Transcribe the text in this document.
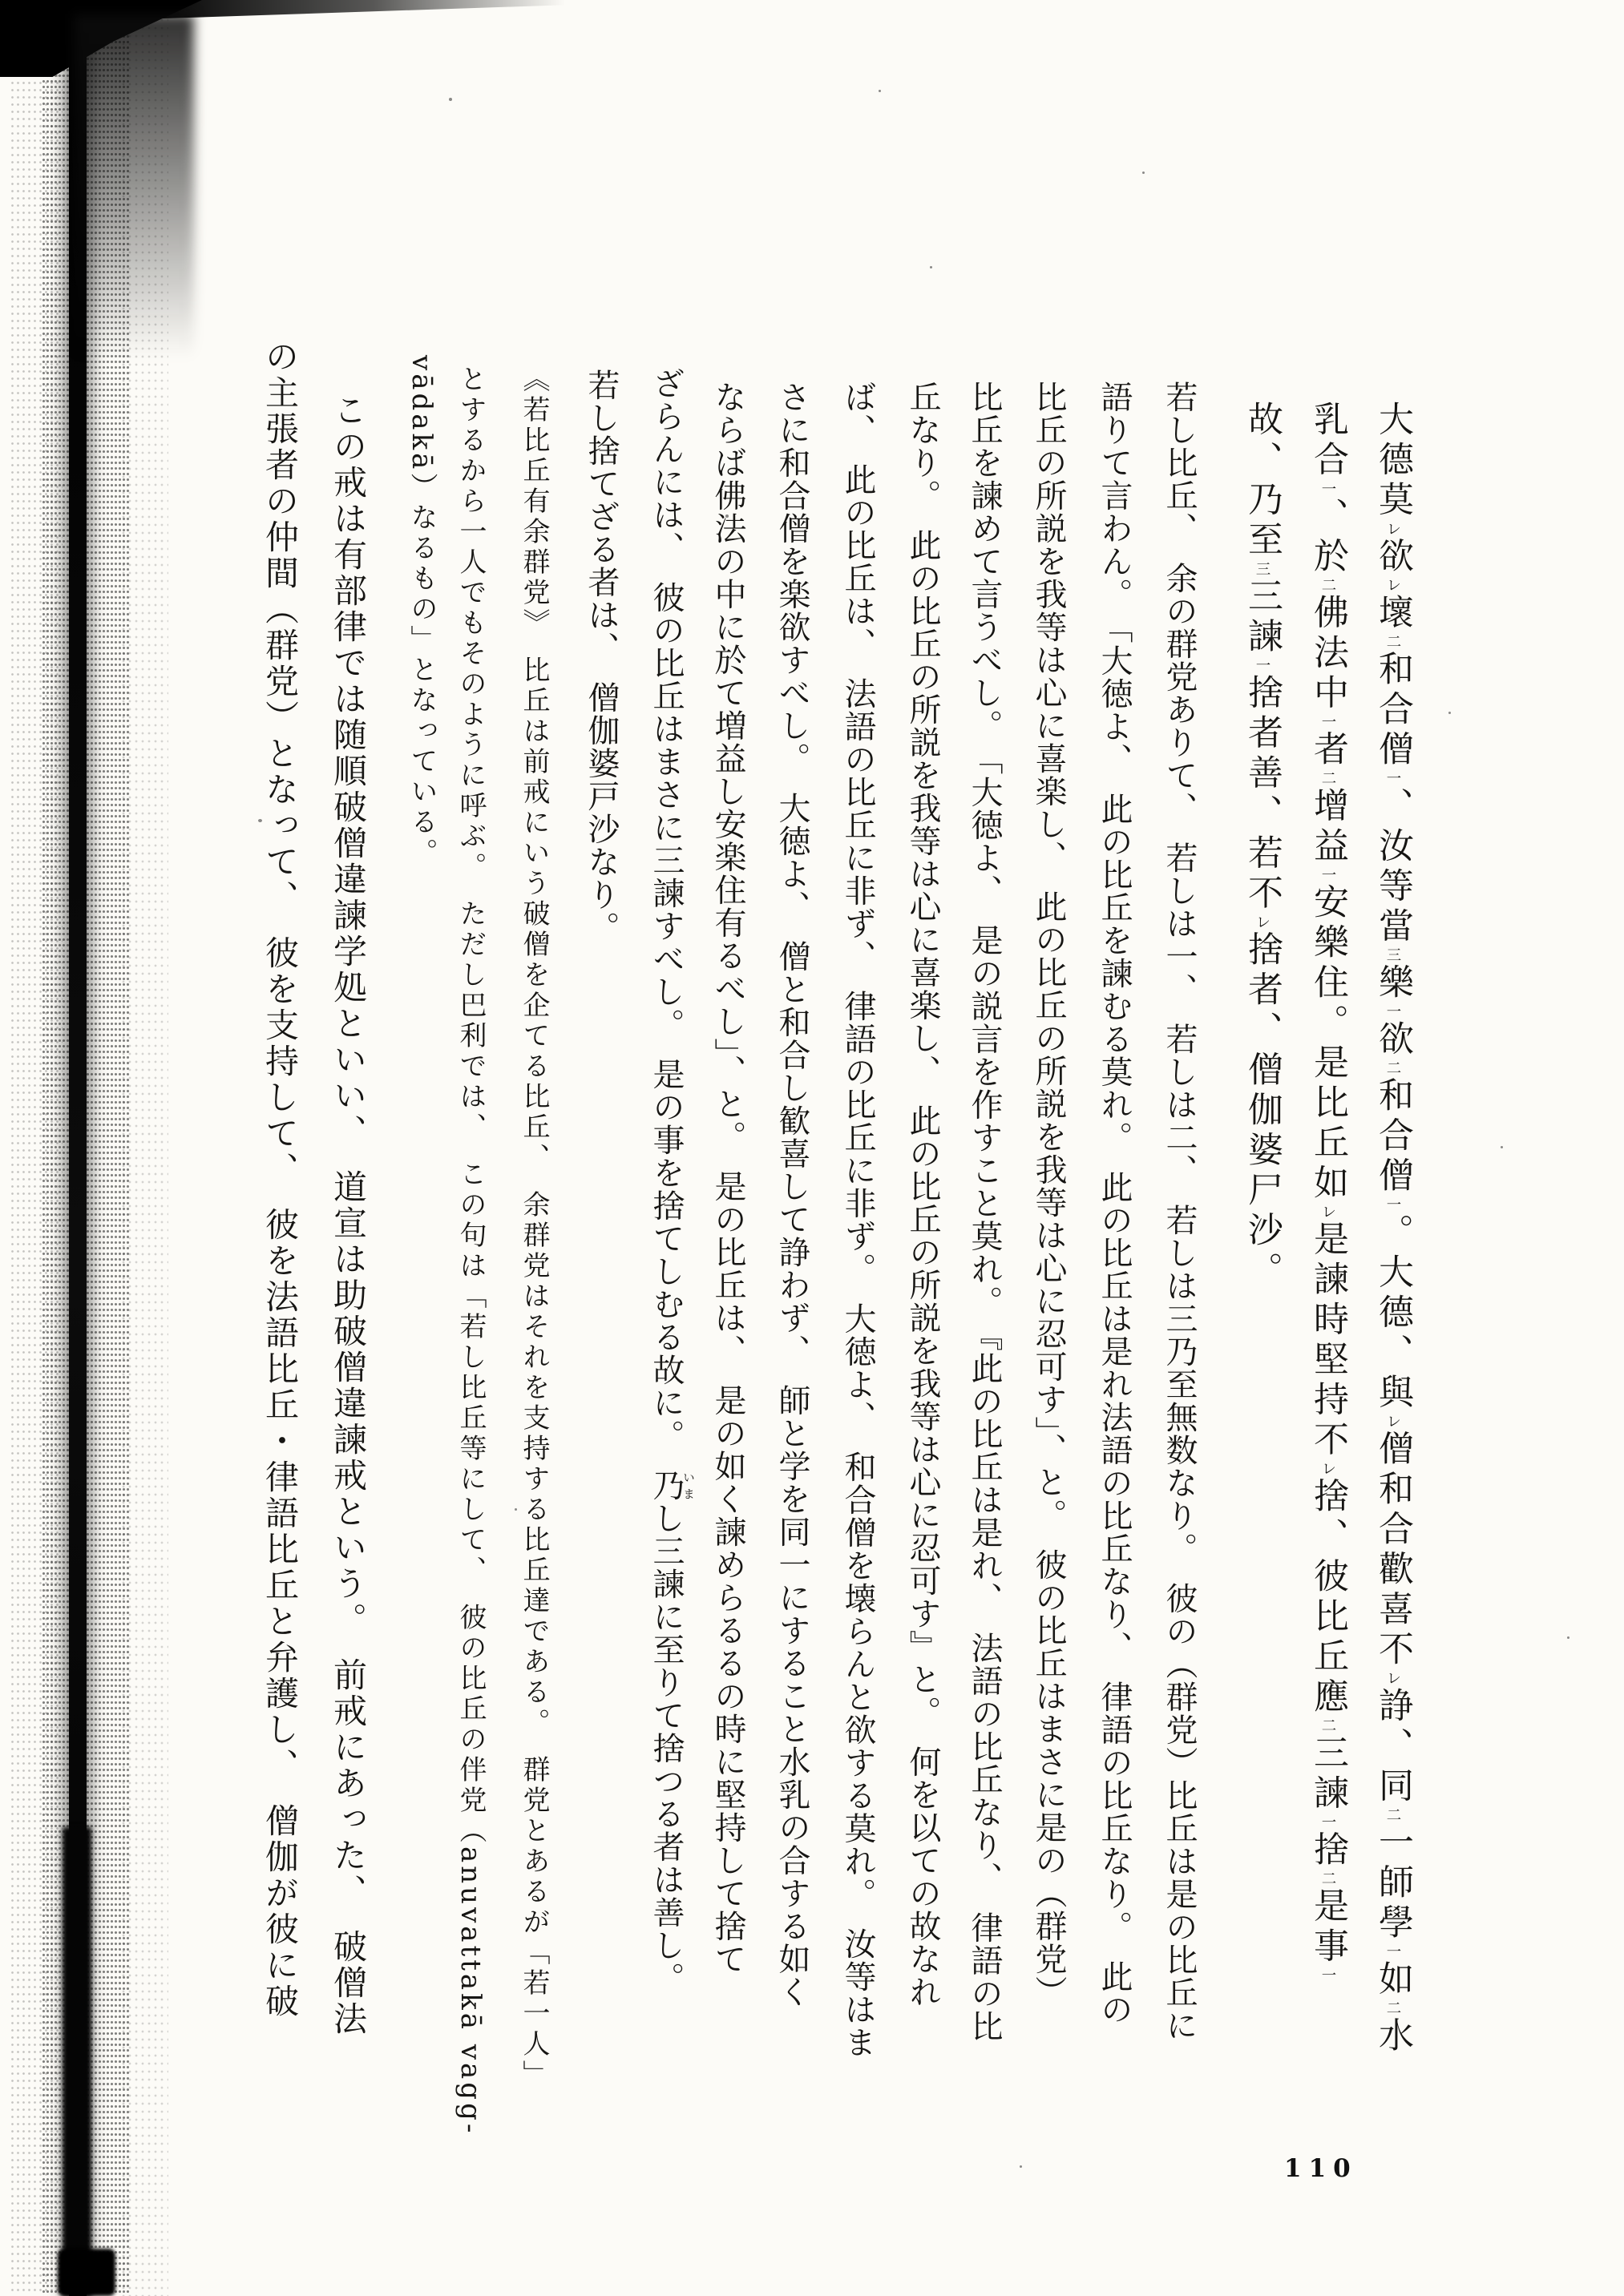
大德莫レ欲レ壞二和合僧一、汝等當三樂一欲二和合僧一。大德、與レ僧和合歡喜不レ諍、同二一師學一如二水
乳合一、於二佛法中一者二增益一安樂住。是比丘如レ是諫時堅持不レ捨、彼比丘應二三諫一捨二是事一
故、乃至三三諫一捨者善、若不レ捨者、僧伽婆尸沙。
若し比丘、　余の群党ありて、　若しは一、　若しは二、　若しは三乃至無数なり。　彼の（群党）比丘は是の比丘に
語りて言わん。　「大徳よ、　此の比丘を諫むる莫れ。　此の比丘は是れ法語の比丘なり、　律語の比丘なり。　此の
比丘の所説を我等は心に喜楽し、　此の比丘の所説を我等は心に忍可す」、と。　彼の比丘はまさに是の（群党）
比丘を諫めて言うべし。　「大徳よ、　是の説言を作すこと莫れ。　『此の比丘は是れ、　法語の比丘なり、　律語の比
丘なり。　此の比丘の所説を我等は心に喜楽し、　此の比丘の所説を我等は心に忍可す』と。　何を以ての故なれ
ば、　此の比丘は、　法語の比丘に非ず、　律語の比丘に非ず。　大徳よ、　和合僧を壊らんと欲する莫れ。　汝等はま
さに和合僧を楽欲すべし。　大徳よ、　僧と和合し歓喜して諍わず、　師と学を同一にすること水乳の合する如く
ならば佛法の中に於て増益し安楽住有るべし」、と。　是の比丘は、　是の如く諫めらるるの時に堅持して捨て
ざらんには、　彼の比丘はまさに三諫すべし。　是の事を捨てしむる故に。　乃いまし三諫に至りて捨つる者は善し。
若し捨てざる者は、　僧伽婆戸沙なり。
《若比丘有余群党》　比丘は前戒にいう破僧を企てる比丘、　余群党はそれを支持する比丘達である。　群党とあるが「若一人」
とするから一人でもそのように呼ぶ。　ただし巴利では、　この句は「若し比丘等にして、　彼の比丘の伴党（anuvattakā vagg-
vādakā）なるもの」となっている。
この戒は有部律では随順破僧違諫学処といい、　道宣は助破僧違諫戒という。　前戒にあった、　破僧法
の主張者の仲間（群党）となって、　彼を支持して、　彼を法語比丘・律語比丘と弁護し、　僧伽が彼に破
110
